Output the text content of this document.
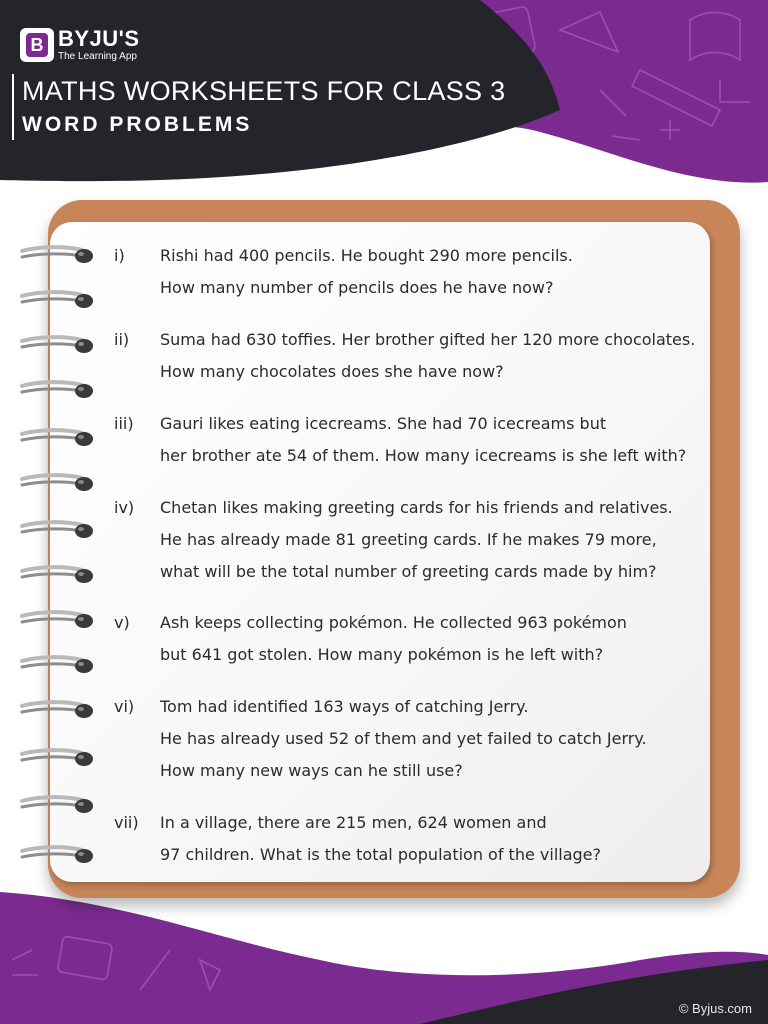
B BYJU'S
The Learning App
MATHS WORKSHEETS FOR CLASS 3
WORD PROBLEMS
i)	Rishi had 400 pencils. He bought 290 more pencils.
How many number of pencils does he have now?
ii)	Suma had 630 toffies. Her brother gifted her 120 more chocolates.
How many chocolates does she have now?
iii)	Gauri likes eating icecreams. She had 70 icecreams but
her brother ate 54 of them. How many icecreams is she left with?
iv)	Chetan likes making greeting cards for his friends and relatives.
He has already made 81 greeting cards. If he makes 79 more,
what will be the total number of greeting cards made by him?
v)	Ash keeps collecting pokémon. He collected 963 pokémon
but 641 got stolen. How many pokémon is he left with?
vi)	Tom had identified 163 ways of catching Jerry.
He has already used 52 of them and yet failed to catch Jerry.
How many new ways can he still use?
vii)	In a village, there are 215 men, 624 women and
97 children. What is the total population of the village?
© Byjus.com
